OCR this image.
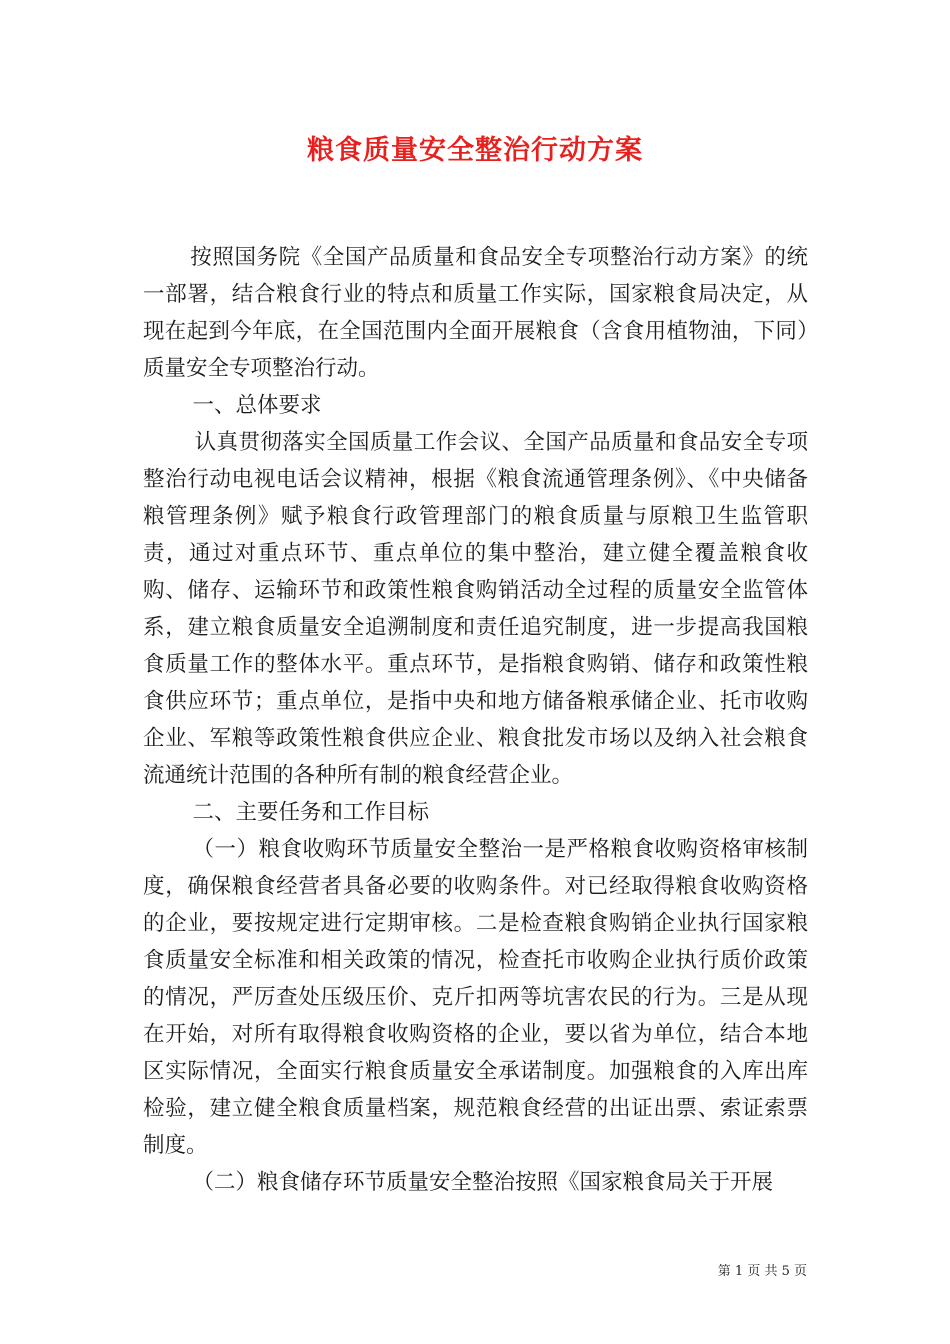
粮食质量安全整治行动方案

按照国务院《全国产品质量和食品安全专项整治行动方案》的统一部署，结合粮食行业的特点和质量工作实际，国家粮食局决定，从现在起到今年底，在全国范围内全面开展粮食（含食用植物油，下同）质量安全专项整治行动。

一、总体要求

认真贯彻落实全国质量工作会议、全国产品质量和食品安全专项整治行动电视电话会议精神，根据《粮食流通管理条例》、《中央储备粮管理条例》赋予粮食行政管理部门的粮食质量与原粮卫生监管职责，通过对重点环节、重点单位的集中整治，建立健全覆盖粮食收购、储存、运输环节和政策性粮食购销活动全过程的质量安全监管体系，建立粮食质量安全追溯制度和责任追究制度，进一步提高我国粮食质量工作的整体水平。重点环节，是指粮食购销、储存和政策性粮食供应环节；重点单位，是指中央和地方储备粮承储企业、托市收购企业、军粮等政策性粮食供应企业、粮食批发市场以及纳入社会粮食流通统计范围的各种所有制的粮食经营企业。

二、主要任务和工作目标

（一）粮食收购环节质量安全整治一是严格粮食收购资格审核制度，确保粮食经营者具备必要的收购条件。对已经取得粮食收购资格的企业，要按规定进行定期审核。二是检查粮食购销企业执行国家粮食质量安全标准和相关政策的情况，检查托市收购企业执行质价政策的情况，严厉查处压级压价、克斤扣两等坑害农民的行为。三是从现在开始，对所有取得粮食收购资格的企业，要以省为单位，结合本地区实际情况，全面实行粮食质量安全承诺制度。加强粮食的入库出库检验，建立健全粮食质量档案，规范粮食经营的出证出票、索证索票制度。

（二）粮食储存环节质量安全整治按照《国家粮食局关于开展

第 1 页 共 5 页
